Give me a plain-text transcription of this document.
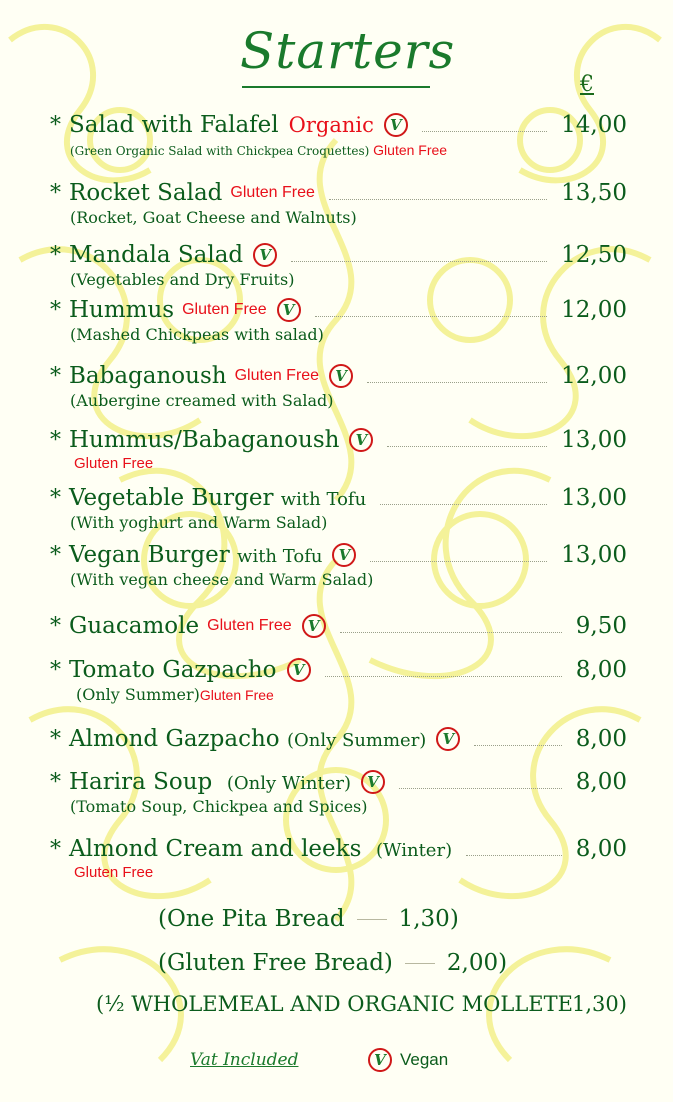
Starters
€
* Salad with Falafel Organic	V	14,00
(Green Organic Salad with Chickpea Croquettes) Gluten Free
* Rocket Salad Gluten Free	13,50
(Rocket, Goat Cheese and Walnuts)
* Mandala Salad	V	12,50
(Vegetables and Dry Fruits)
* Hummus Gluten Free	V	12,00
(Mashed Chickpeas with salad)
* Babaganoush Gluten Free	V	12,00
(Aubergine creamed with Salad)
* Hummus/Babaganoush	V	13,00
Gluten Free
* Vegetable Burger with Tofu	13,00
(With yoghurt and Warm Salad)
* Vegan Burger with Tofu	V	13,00
(With vegan cheese and Warm Salad)
* Guacamole Gluten Free	V	9,50
* Tomato Gazpacho	V	8,00
(Only Summer)Gluten Free
* Almond Gazpacho (Only Summer)	V	8,00
* Harira Soup (Only Winter)	V	8,00
(Tomato Soup, Chickpea and Spices)
* Almond Cream and leeks (Winter)	8,00
Gluten Free
(One Pita Bread 1,30)
(Gluten Free Bread) 2,00)
(½ WHOLEMEAL AND ORGANIC MOLLETE 1,30)
Vat Included	V Vegan
